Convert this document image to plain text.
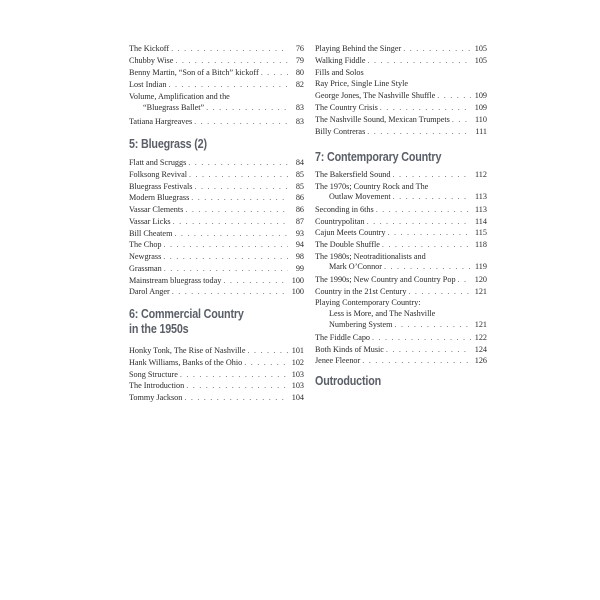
The Kickoff . . .	76
Chubby Wise . . .	79
Benny Martin, “Son of a Bitch” kickoff . . .	80
Lost Indian . . .	82
Volume, Amplification and the
“Bluegrass Ballet” . . .	83
Tatiana Hargreaves . . .	83
5: Bluegrass (2)
Flatt and Scruggs . . .	84
Folksong Revival . . .	85
Bluegrass Festivals . . .	85
Modern Bluegrass . . .	86
Vassar Clements . . .	86
Vassar Licks . . .	87
Bill Cheatem . . .	93
The Chop . . .	94
Newgrass . . .	98
Grassman . . .	99
Mainstream bluegrass today . . .	100
Darol Anger . . .	100
6: Commercial Country
in the 1950s
Honky Tonk, The Rise of Nashville . . .	101
Hank Williams, Banks of the Ohio . . .	102
Song Structure . . .	103
The Introduction . . .	103
Tommy Jackson . . .	104
Playing Behind the Singer . . .	105
Walking Fiddle . . .	105
Fills and Solos
Ray Price, Single Line Style
George Jones, The Nashville Shuffle . . .	109
The Country Crisis . . .	109
The Nashville Sound, Mexican Trumpets . . .	110
Billy Contreras . . .	111
7: Contemporary Country
The Bakersfield Sound . . .	112
The 1970s; Country Rock and The
Outlaw Movement . . .	113
Seconding in 6ths . . .	113
Countrypolitan . . .	114
Cajun Meets Country . . .	115
The Double Shuffle . . .	118
The 1980s; Neotraditionalists and
Mark O’Connor . . .	119
The 1990s; New Country and Country Pop . . . 120
Country in the 21st Century . . .	121
Playing Contemporary Country:
Less is More, and The Nashville
Numbering System . . .	121
The Fiddle Capo . . .	122
Both Kinds of Music . . .	124
Jenee Fleenor . . .	126
Outroduction
